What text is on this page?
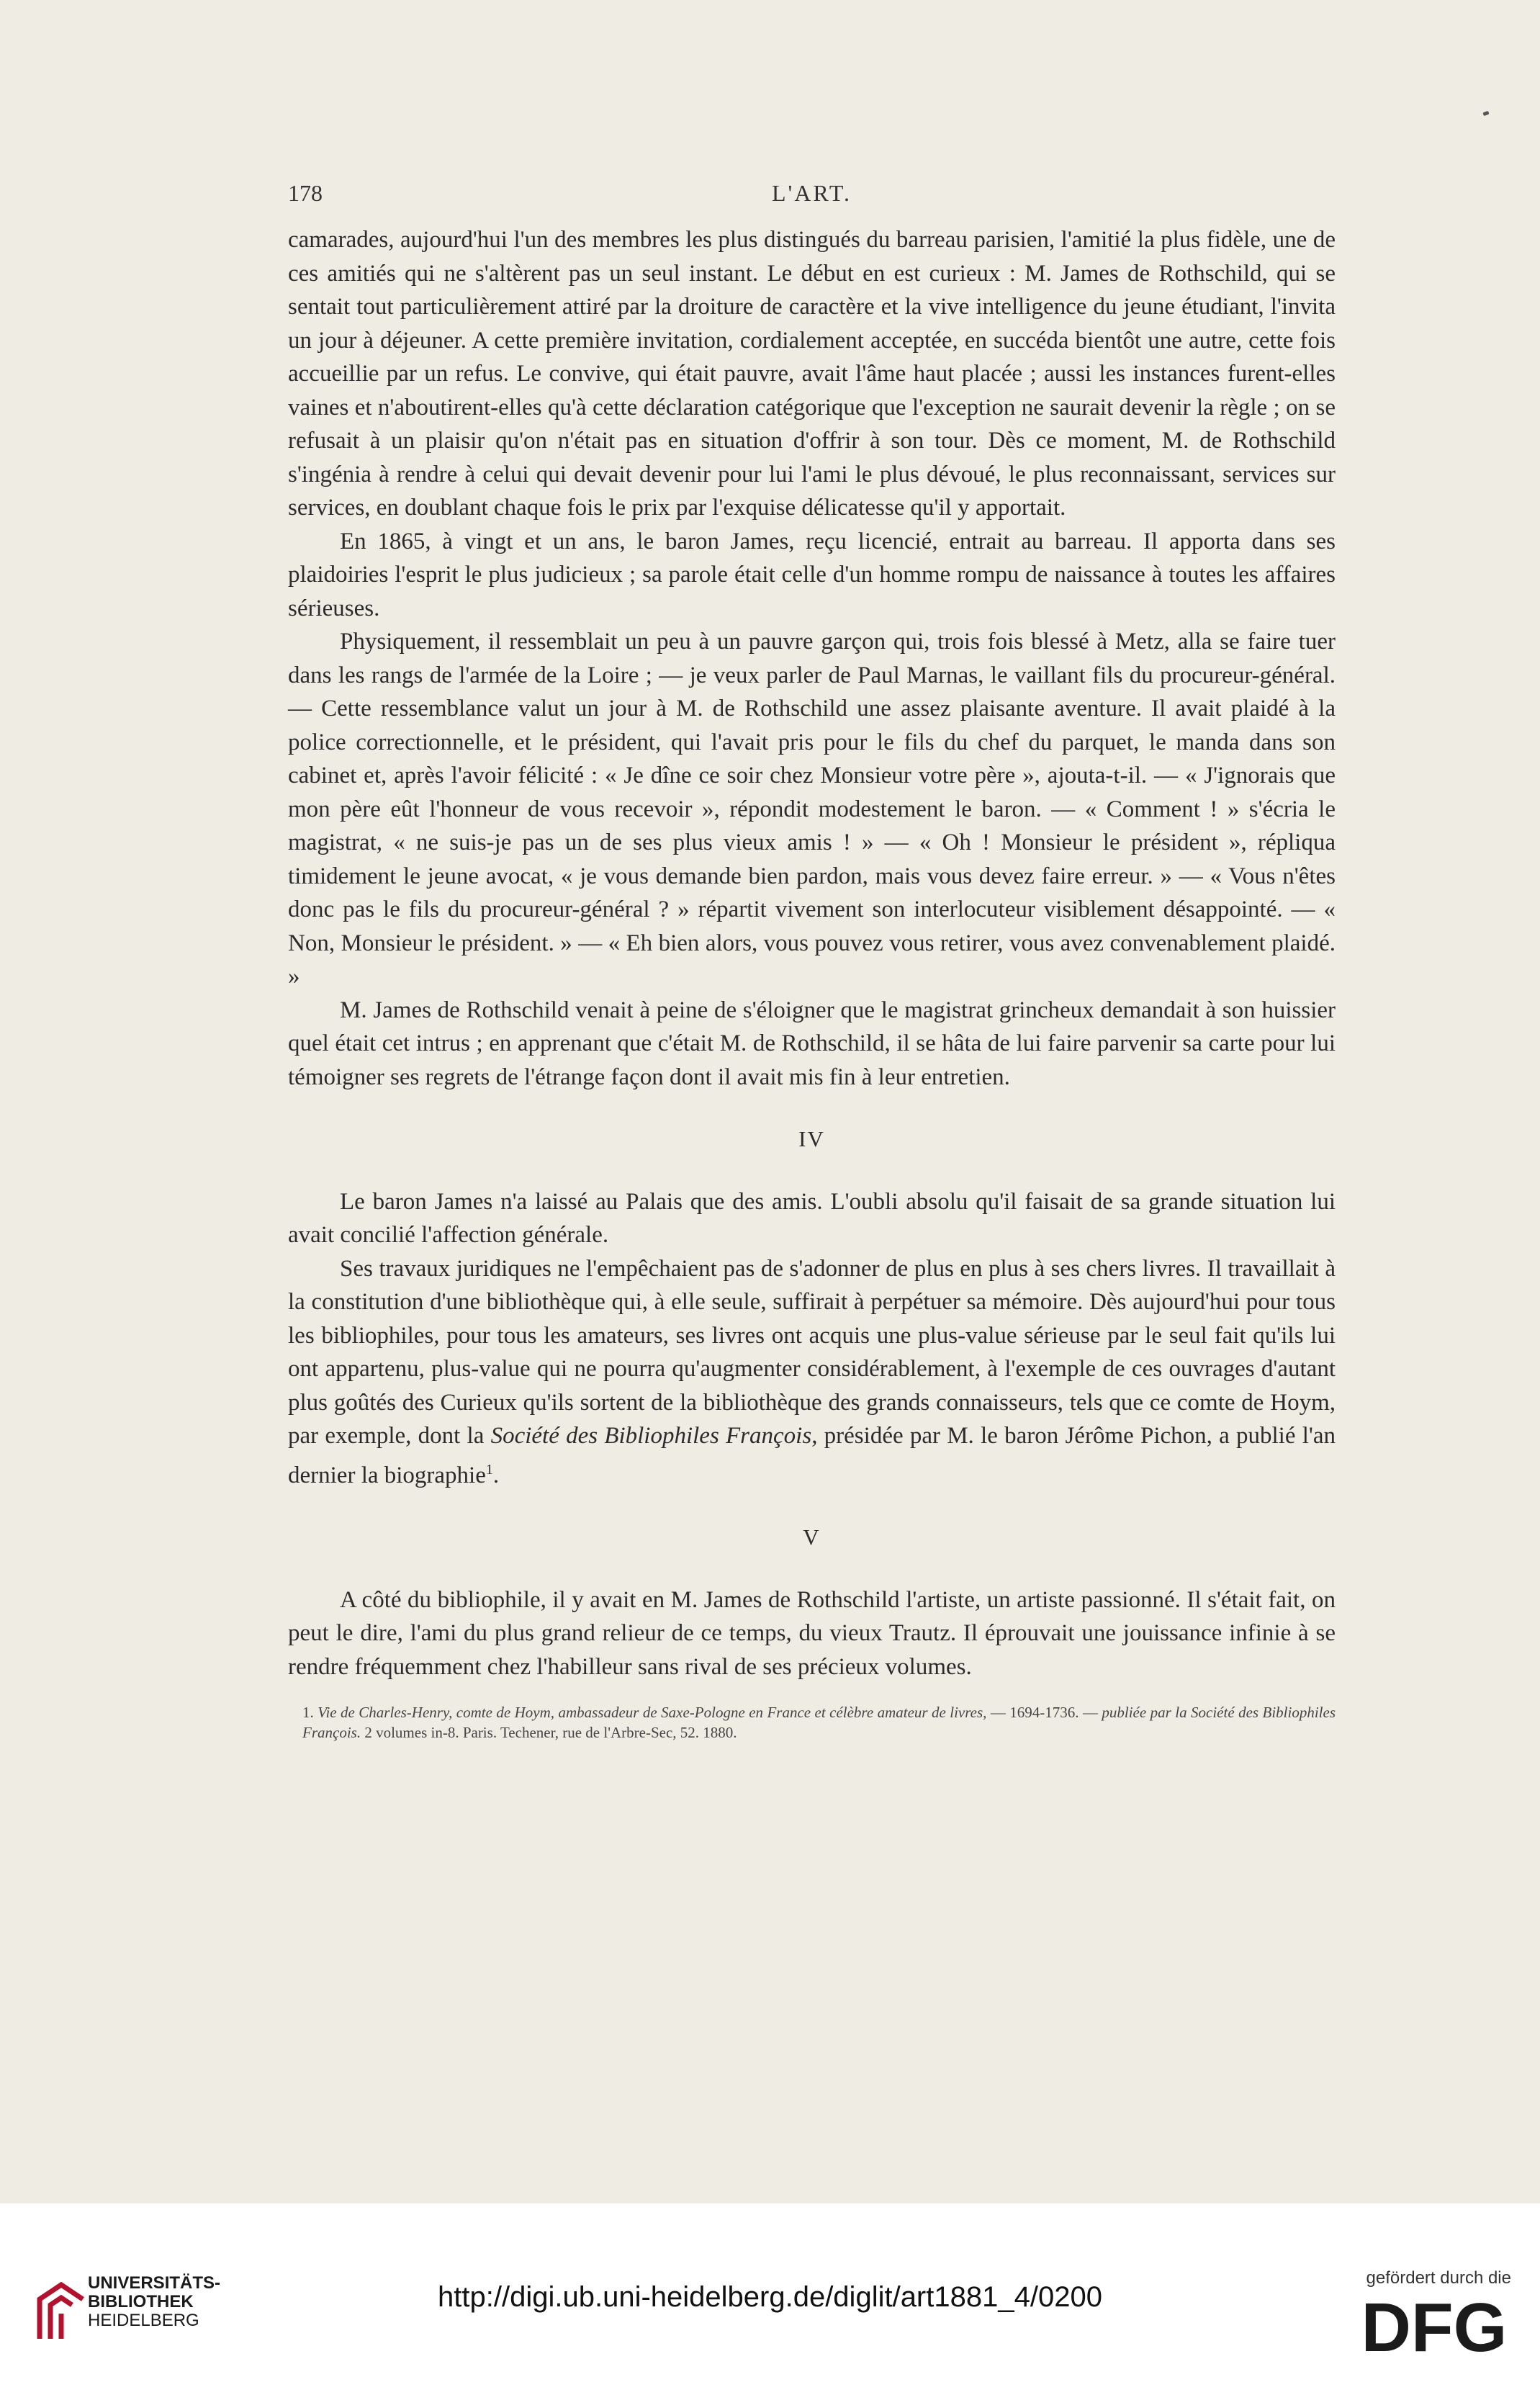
178	L'ART.

camarades, aujourd'hui l'un des membres les plus distingués du barreau parisien, l'amitié la plus fidèle, une de ces amitiés qui ne s'altèrent pas un seul instant. Le début en est curieux : M. James de Rothschild, qui se sentait tout particulièrement attiré par la droiture de caractère et la vive intelligence du jeune étudiant, l'invita un jour à déjeuner. A cette première invitation, cordialement acceptée, en succéda bientôt une autre, cette fois accueillie par un refus. Le convive, qui était pauvre, avait l'âme haut placée ; aussi les instances furent-elles vaines et n'aboutirent-elles qu'à cette déclaration catégorique que l'exception ne saurait devenir la règle ; on se refusait à un plaisir qu'on n'était pas en situation d'offrir à son tour. Dès ce moment, M. de Rothschild s'ingénia à rendre à celui qui devait devenir pour lui l'ami le plus dévoué, le plus reconnaissant, services sur services, en doublant chaque fois le prix par l'exquise délicatesse qu'il y apportait.

En 1865, à vingt et un ans, le baron James, reçu licencié, entrait au barreau. Il apporta dans ses plaidoiries l'esprit le plus judicieux ; sa parole était celle d'un homme rompu de naissance à toutes les affaires sérieuses.

Physiquement, il ressemblait un peu à un pauvre garçon qui, trois fois blessé à Metz, alla se faire tuer dans les rangs de l'armée de la Loire ; — je veux parler de Paul Marnas, le vaillant fils du procureur-général. — Cette ressemblance valut un jour à M. de Rothschild une assez plaisante aventure. Il avait plaidé à la police correctionnelle, et le président, qui l'avait pris pour le fils du chef du parquet, le manda dans son cabinet et, après l'avoir félicité : « Je dîne ce soir chez Monsieur votre père », ajouta-t-il. — « J'ignorais que mon père eût l'honneur de vous recevoir », répondit modestement le baron. — « Comment ! » s'écria le magistrat, « ne suis-je pas un de ses plus vieux amis ! » — « Oh ! Monsieur le président », répliqua timidement le jeune avocat, « je vous demande bien pardon, mais vous devez faire erreur. » — « Vous n'êtes donc pas le fils du procureur-général ? » répartit vivement son interlocuteur visiblement désappointé. — « Non, Monsieur le président. » — « Eh bien alors, vous pouvez vous retirer, vous avez convenablement plaidé. »

M. James de Rothschild venait à peine de s'éloigner que le magistrat grincheux demandait à son huissier quel était cet intrus ; en apprenant que c'était M. de Rothschild, il se hâta de lui faire parvenir sa carte pour lui témoigner ses regrets de l'étrange façon dont il avait mis fin à leur entretien.

IV

Le baron James n'a laissé au Palais que des amis. L'oubli absolu qu'il faisait de sa grande situation lui avait concilié l'affection générale.

Ses travaux juridiques ne l'empêchaient pas de s'adonner de plus en plus à ses chers livres. Il travaillait à la constitution d'une bibliothèque qui, à elle seule, suffirait à perpétuer sa mémoire. Dès aujourd'hui pour tous les bibliophiles, pour tous les amateurs, ses livres ont acquis une plus-value sérieuse par le seul fait qu'ils lui ont appartenu, plus-value qui ne pourra qu'augmenter considérablement, à l'exemple de ces ouvrages d'autant plus goûtés des Curieux qu'ils sortent de la bibliothèque des grands connaisseurs, tels que ce comte de Hoym, par exemple, dont la Société des Bibliophiles François, présidée par M. le baron Jérôme Pichon, a publié l'an dernier la biographie$^1$.

V

A côté du bibliophile, il y avait en M. James de Rothschild l'artiste, un artiste passionné. Il s'était fait, on peut le dire, l'ami du plus grand relieur de ce temps, du vieux Trautz. Il éprouvait une jouissance infinie à se rendre fréquemment chez l'habilleur sans rival de ses précieux volumes.

1. Vie de Charles-Henry, comte de Hoym, ambassadeur de Saxe-Pologne en France et célèbre amateur de livres, — 1694-1736. — publiée par la Société des Bibliophiles François. 2 volumes in-8. Paris. Techener, rue de l'Arbre-Sec, 52. 1880.
UNIVERSITÄTS-
BIBLIOTHEK
HEIDELBERG
http://digi.ub.uni-heidelberg.de/diglit/art1881_4/0200
gefördert durch die
DFG
